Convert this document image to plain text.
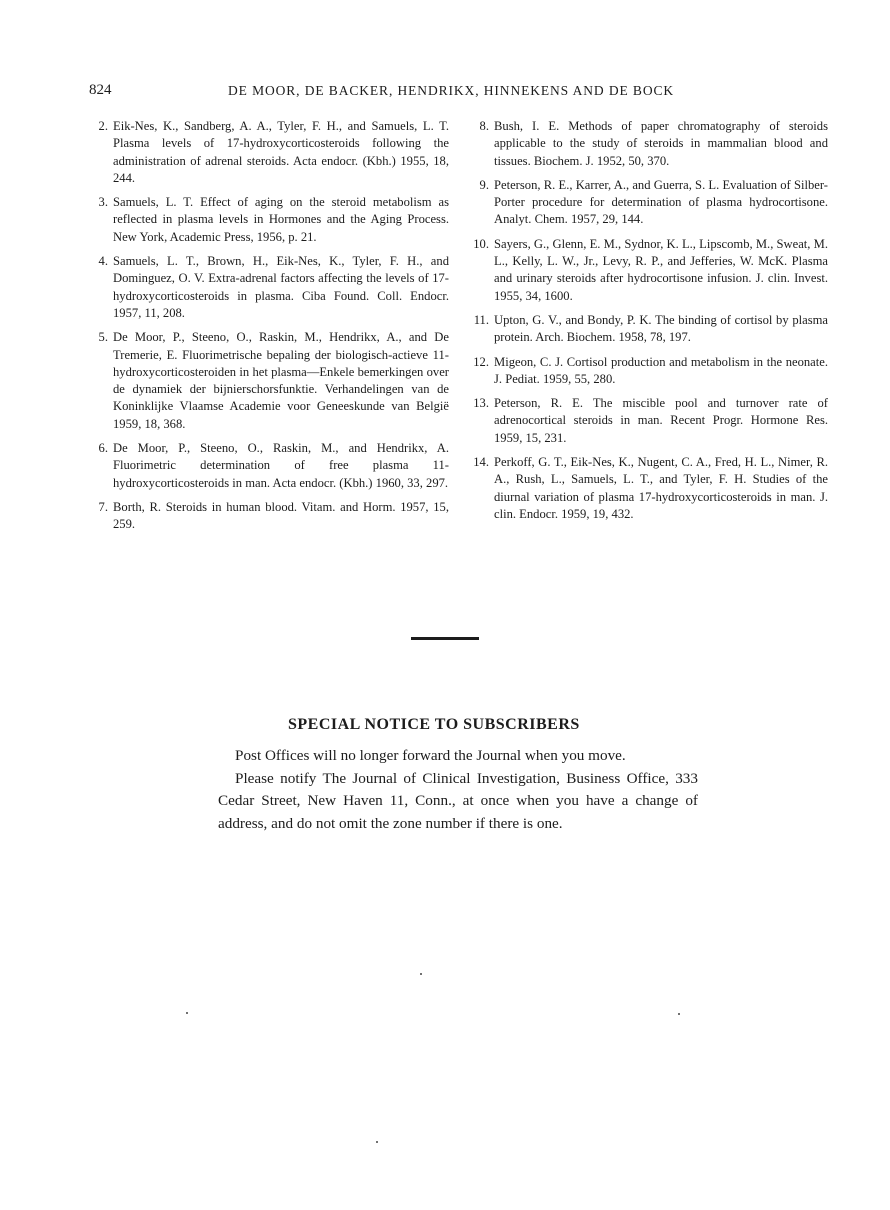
824	DE MOOR, DE BACKER, HENDRIKX, HINNEKENS AND DE BOCK
2. Eik-Nes, K., Sandberg, A. A., Tyler, F. H., and Samuels, L. T. Plasma levels of 17-hydroxycorticosteroids following the administration of adrenal steroids. Acta endocr. (Kbh.) 1955, 18, 244.
3. Samuels, L. T. Effect of aging on the steroid metabolism as reflected in plasma levels in Hormones and the Aging Process. New York, Academic Press, 1956, p. 21.
4. Samuels, L. T., Brown, H., Eik-Nes, K., Tyler, F. H., and Dominguez, O. V. Extra-adrenal factors affecting the levels of 17-hydroxycorticosteroids in plasma. Ciba Found. Coll. Endocr. 1957, 11, 208.
5. De Moor, P., Steeno, O., Raskin, M., Hendrikx, A., and De Tremerie, E. Fluorimetrische bepaling der biologisch-actieve 11-hydroxycorticosteroiden in het plasma—Enkele bemerkingen over de dynamiek der bijnierschorsfunktie. Verhandelingen van de Koninklijke Vlaamse Academie voor Geneeskunde van België 1959, 18, 368.
6. De Moor, P., Steeno, O., Raskin, M., and Hendrikx, A. Fluorimetric determination of free plasma 11-hydroxycorticosteroids in man. Acta endocr. (Kbh.) 1960, 33, 297.
7. Borth, R. Steroids in human blood. Vitam. and Horm. 1957, 15, 259.
8. Bush, I. E. Methods of paper chromatography of steroids applicable to the study of steroids in mammalian blood and tissues. Biochem. J. 1952, 50, 370.
9. Peterson, R. E., Karrer, A., and Guerra, S. L. Evaluation of Silber-Porter procedure for determination of plasma hydrocortisone. Analyt. Chem. 1957, 29, 144.
10. Sayers, G., Glenn, E. M., Sydnor, K. L., Lipscomb, M., Sweat, M. L., Kelly, L. W., Jr., Levy, R. P., and Jefferies, W. McK. Plasma and urinary steroids after hydrocortisone infusion. J. clin. Invest. 1955, 34, 1600.
11. Upton, G. V., and Bondy, P. K. The binding of cortisol by plasma protein. Arch. Biochem. 1958, 78, 197.
12. Migeon, C. J. Cortisol production and metabolism in the neonate. J. Pediat. 1959, 55, 280.
13. Peterson, R. E. The miscible pool and turnover rate of adrenocortical steroids in man. Recent Progr. Hormone Res. 1959, 15, 231.
14. Perkoff, G. T., Eik-Nes, K., Nugent, C. A., Fred, H. L., Nimer, R. A., Rush, L., Samuels, L. T., and Tyler, F. H. Studies of the diurnal variation of plasma 17-hydroxycorticosteroids in man. J. clin. Endocr. 1959, 19, 432.
SPECIAL NOTICE TO SUBSCRIBERS

Post Offices will no longer forward the Journal when you move.

Please notify The Journal of Clinical Investigation, Business Office, 333 Cedar Street, New Haven 11, Conn., at once when you have a change of address, and do not omit the zone number if there is one.
